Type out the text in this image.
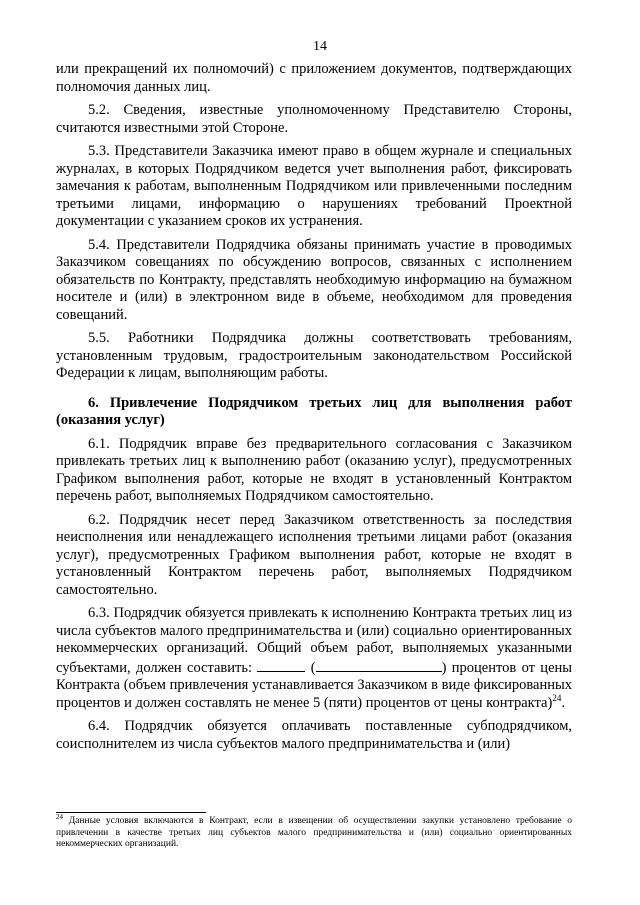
14

или прекращений их полномочий) с приложением документов, подтверждающих полномочия данных лиц.

5.2. Сведения, известные уполномоченному Представителю Стороны, считаются известными этой Стороне.

5.3. Представители Заказчика имеют право в общем журнале и специальных журналах, в которых Подрядчиком ведется учет выполнения работ, фиксировать замечания к работам, выполненным Подрядчиком или привлеченными последним третьими лицами, информацию о нарушениях требований Проектной документации с указанием сроков их устранения.

5.4. Представители Подрядчика обязаны принимать участие в проводимых Заказчиком совещаниях по обсуждению вопросов, связанных с исполнением обязательств по Контракту, представлять необходимую информацию на бумажном носителе и (или) в электронном виде в объеме, необходимом для проведения совещаний.

5.5. Работники Подрядчика должны соответствовать требованиям, установленным трудовым, градостроительным законодательством Российской Федерации к лицам, выполняющим работы.

6. Привлечение Подрядчиком третьих лиц для выполнения работ (оказания услуг)

6.1. Подрядчик вправе без предварительного согласования с Заказчиком привлекать третьих лиц к выполнению работ (оказанию услуг), предусмотренных Графиком выполнения работ, которые не входят в установленный Контрактом перечень работ, выполняемых Подрядчиком самостоятельно.

6.2. Подрядчик несет перед Заказчиком ответственность за последствия неисполнения или ненадлежащего исполнения третьими лицами работ (оказания услуг), предусмотренных Графиком выполнения работ, которые не входят в установленный Контрактом перечень работ, выполняемых Подрядчиком самостоятельно.

6.3. Подрядчик обязуется привлекать к исполнению Контракта третьих лиц из числа субъектов малого предпринимательства и (или) социально ориентированных некоммерческих организаций. Общий объем работ, выполняемых указанными субъектами, должен составить:	(	) процентов от цены Контракта (объем привлечения устанавливается Заказчиком в виде фиксированных процентов и должен составлять не менее 5 (пяти) процентов от цены контракта)$^{24}$.

6.4. Подрядчик обязуется оплачивать поставленные субподрядчиком, соисполнителем из числа субъектов малого предпринимательства и (или)

$^{24}$ Данные условия включаются в Контракт, если в извещении об осуществлении закупки установлено требование о привлечении в качестве третьих лиц субъектов малого предпринимательства и (или) социально ориентированных некоммерческих организаций.
